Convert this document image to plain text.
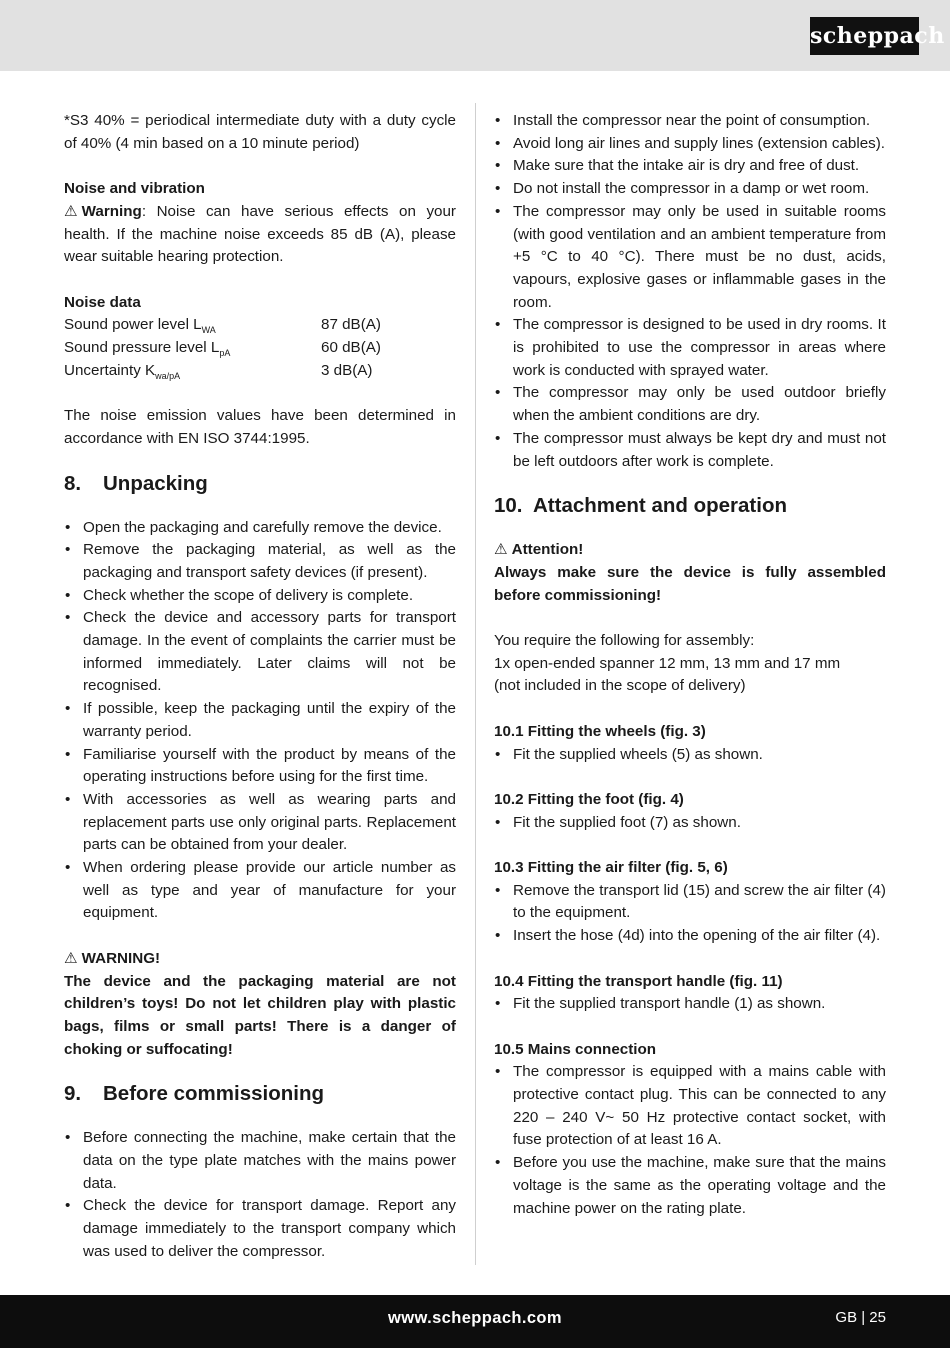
scheppach

*S3 40% = periodical intermediate duty with a duty cycle of 40% (4 min based on a 10 minute period)

Noise and vibration

⚠ Warning: Noise can have serious effects on your health. If the machine noise exceeds 85 dB (A), please wear suitable hearing protection.

Noise data
Sound power level $L_{WA}$	87 dB(A)
Sound pressure level $L_{pA}$	60 dB(A)
Uncertainty $K_{wa/pA}$	3 dB(A)

The noise emission values have been determined in accordance with EN ISO 3744:1995.

8. Unpacking
• Open the packaging and carefully remove the device.
• Remove the packaging material, as well as the packaging and transport safety devices (if present).
• Check whether the scope of delivery is complete.
• Check the device and accessory parts for transport damage. In the event of complaints the carrier must be informed immediately. Later claims will not be recognised.
• If possible, keep the packaging until the expiry of the warranty period.
• Familiarise yourself with the product by means of the operating instructions before using for the first time.
• With accessories as well as wearing parts and replacement parts use only original parts. Replacement parts can be obtained from your dealer.
• When ordering please provide our article number as well as type and year of manufacture for your equipment.
⚠ WARNING!

The device and the packaging material are not children’s toys! Do not let children play with plastic bags, films or small parts! There is a danger of choking or suffocating!

9. Before commissioning
• Before connecting the machine, make certain that the data on the type plate matches with the mains power data.
• Check the device for transport damage. Report any damage immediately to the transport company which was used to deliver the compressor.
• Install the compressor near the point of consumption.
• Avoid long air lines and supply lines (extension cables).
• Make sure that the intake air is dry and free of dust.
• Do not install the compressor in a damp or wet room.
• The compressor may only be used in suitable rooms (with good ventilation and an ambient temperature from +5 °C to 40 °C). There must be no dust, acids, vapours, explosive gases or inflammable gases in the room.
• The compressor is designed to be used in dry rooms. It is prohibited to use the compressor in areas where work is conducted with sprayed water.
• The compressor may only be used outdoor briefly when the ambient conditions are dry.
• The compressor must always be kept dry and must not be left outdoors after work is complete.
10. Attachment and operation
⚠ Attention!

Always make sure the device is fully assembled before commissioning!

You require the following for assembly:

1x open-ended spanner 12 mm, 13 mm and 17 mm

(not included in the scope of delivery)

10.1 Fitting the wheels (fig. 3)
• Fit the supplied wheels (5) as shown.
10.2 Fitting the foot (fig. 4)
• Fit the supplied foot (7) as shown.
10.3 Fitting the air filter (fig. 5, 6)
• Remove the transport lid (15) and screw the air filter (4) to the equipment.
• Insert the hose (4d) into the opening of the air filter (4).
10.4 Fitting the transport handle (fig. 11)
• Fit the supplied transport handle (1) as shown.
10.5 Mains connection
• The compressor is equipped with a mains cable with protective contact plug. This can be connected to any 220 – 240 V~ 50 Hz protective contact socket, with fuse protection of at least 16 A.
• Before you use the machine, make sure that the mains voltage is the same as the operating voltage and the machine power on the rating plate.
www.scheppach.com	GB | 25
